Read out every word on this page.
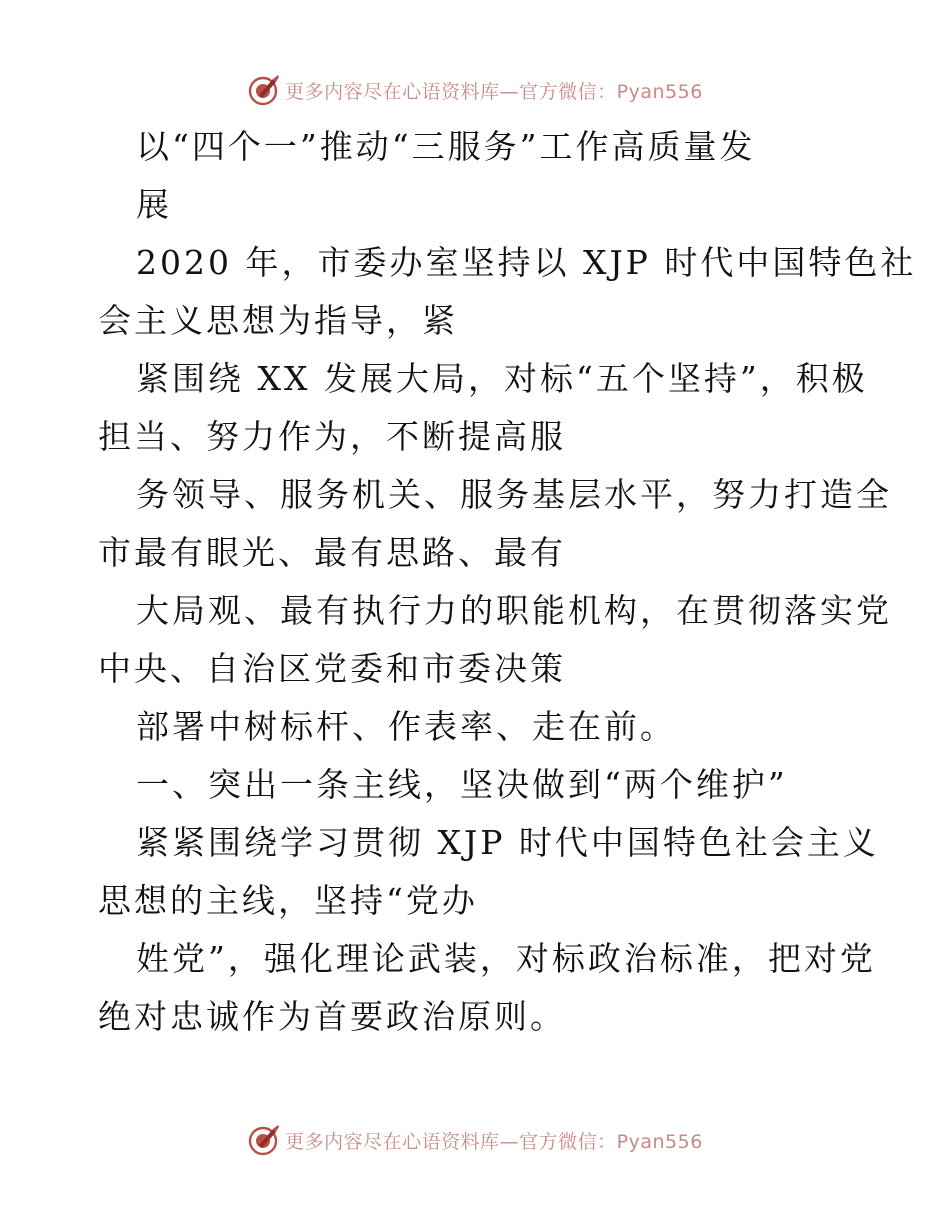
更多内容尽在心语资料库—官方微信：Pyan556
以“四个一”推动“三服务”工作高质量发
展
2020 年，市委办室坚持以 XJP 时代中国特色社
会主义思想为指导，紧
紧围绕 XX 发展大局，对标“五个坚持”，积极
担当、努力作为，不断提高服
务领导、服务机关、服务基层水平，努力打造全
市最有眼光、最有思路、最有
大局观、最有执行力的职能机构，在贯彻落实党
中央、自治区党委和市委决策
部署中树标杆、作表率、走在前。
一、突出一条主线，坚决做到“两个维护”
紧紧围绕学习贯彻 XJP 时代中国特色社会主义
思想的主线，坚持“党办
姓党”，强化理论武装，对标政治标准，把对党
绝对忠诚作为首要政治原则。
更多内容尽在心语资料库—官方微信：Pyan556
